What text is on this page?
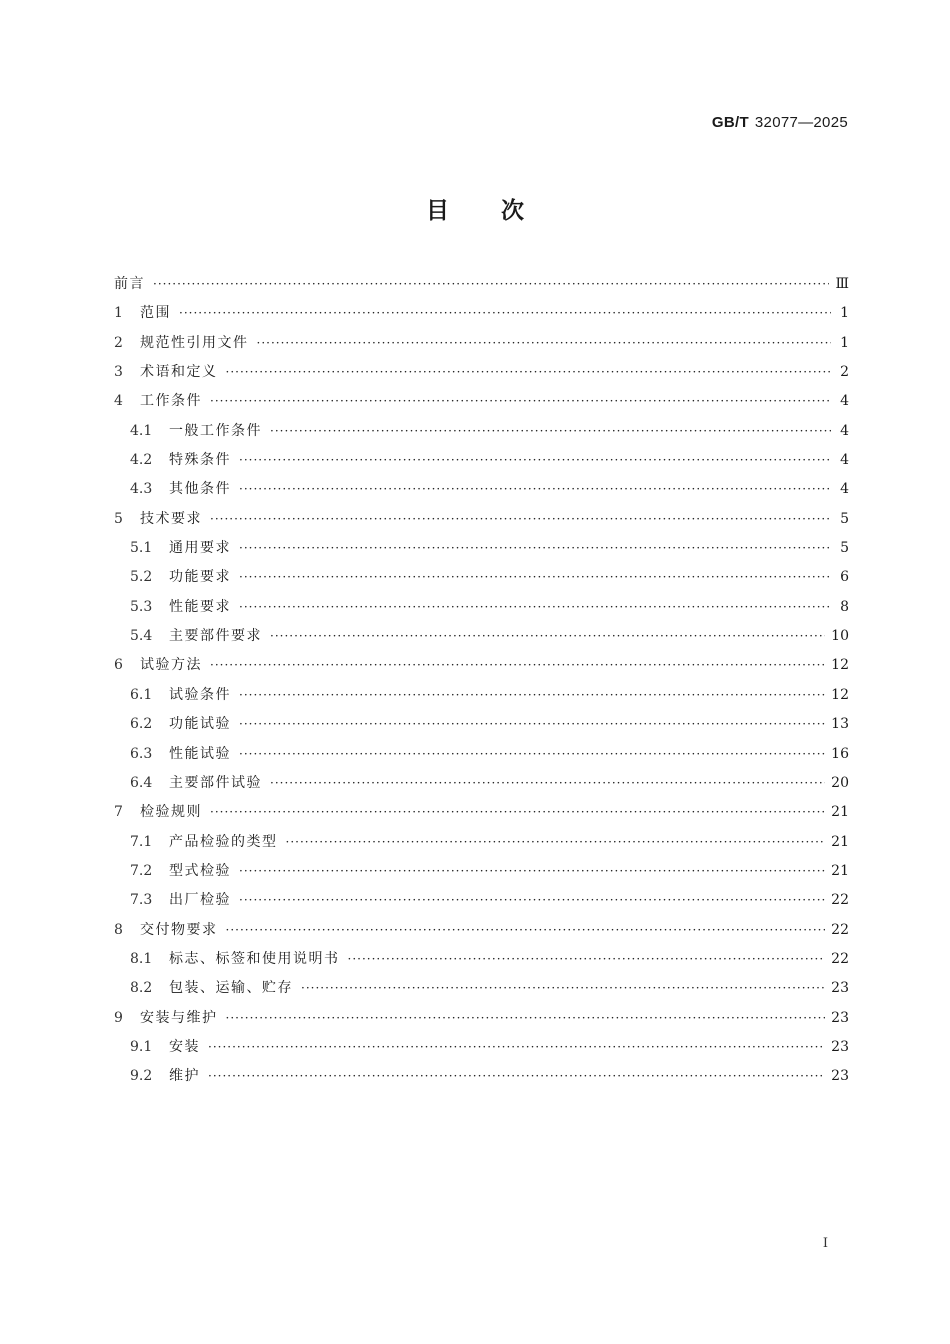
GB/T 32077—2025
目次
前言 ·····	Ⅲ
1	范围 ·····	1
2	规范性引用文件 ·····	1
3	术语和定义 ·····	2
4	工作条件 ·····	4
4.1	一般工作条件 ·····	4
4.2	特殊条件 ·····	4
4.3	其他条件 ·····	4
5	技术要求 ·····	5
5.1	通用要求 ·····	5
5.2	功能要求 ·····	6
5.3	性能要求 ·····	8
5.4	主要部件要求 ·····	10
6	试验方法 ·····	12
6.1	试验条件 ·····	12
6.2	功能试验 ·····	13
6.3	性能试验 ·····	16
6.4	主要部件试验 ·····	20
7	检验规则 ·····	21
7.1	产品检验的类型 ·····	21
7.2	型式检验 ·····	21
7.3	出厂检验 ·····	22
8	交付物要求 ·····	22
8.1	标志、标签和使用说明书 ·····	22
8.2	包装、运输、贮存 ·····	23
9	安装与维护 ·····	23
9.1	安装 ·····	23
9.2	维护 ·····	23
Ⅰ
